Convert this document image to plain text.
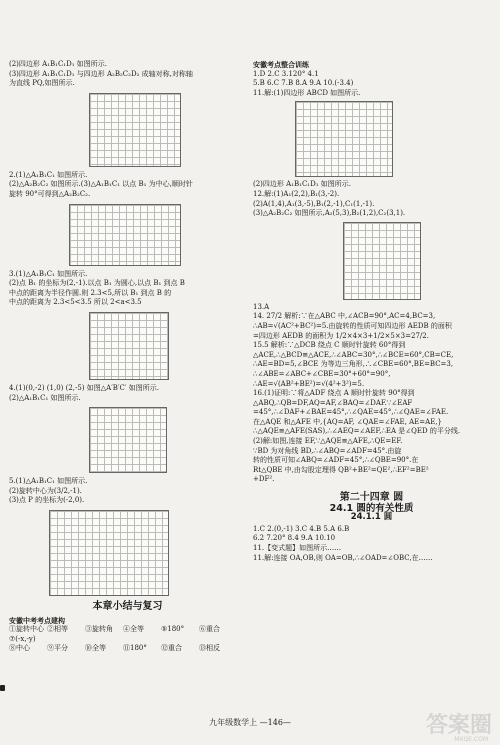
(2)四边形 A₁B₁C₁D₁ 如图所示.
(3)四边形 A₁B₁C₁D₁ 与四边形 A₂B₂C₂D₂ 成轴对称,对称轴
为直线 PQ,如图所示.
2.(1)△A₁B₁C₁ 如图所示.
(2)△A₂B₂C₂ 如图所示.(3)△A₁B₁C₁ 以点 B₁ 为中心,顺时针
旋转 90°可得到△A₂B₂C₂.
3.(1)△A₁B₁C₁ 如图所示.
(2)点 B₁ 的坐标为(2,-1).以点 B₁ 为圆心,以点 B₁ 到点 B
中点的距离为半径作圆.则 2.3<5,所以 B₁ 到点 B 的
中点的距离为 2.3<5<3.5 所以 2<a<3.5
4.(1)(0,-2) (1,0) (2,-5) 如图△A′B′C′ 如图所示.
(2)△A₁B₁C₁ 如图所示.
5.(1)△A₁B₁C₁ 如图所示.
(2)旋转中心为(3/2,-1).
(3)点 P 的坐标为(-2,0).
本章小结与复习
安徽中考考点建构
①旋转中心 ②相等	③旋转角	④全等	⑤180°	⑥重合
⑦(-x,-y)
⑧中心	⑨平分	⑩全等	⑪180°	⑫重合	⑬相反
安徽考点整合训练
1.D 2.C 3.120° 4.1
5.B 6.C 7.B 8.A 9.A 10.(-3.4)
11.解:(1)四边形 ABCD 如图所示.
(2)四边形 A₁B₁C₁D₁ 如图所示.
12.解:(1)A₁(2,2),B₁(3,-2).
(2)A(1,4),A₁(3,-5),B₁(2,-1),C₁(1,-1).
(3)△A₂B₂C₂ 如图所示,A₂(5,3),B₂(1,2),C₂(3,1).
13.A
14. 27/2 解析:∵在△ABC 中,∠ACB=90°,AC=4,BC=3,
∴AB=√(AC²+BC²)=5.由旋转的性质可知四边形 AEDB 的面积
=四边形 AEDB 的面积为 1/2×4×3+1/2×5×3=27/2.
15.5 解析:∵△DCB 绕点 C 顺时针旋转 60°得到
△ACE,∴△BCD≌△ACE,∴∠ABC=30°,∴∠BCE=60°,CB=CE,
∴AE=BD=5,∠BCE 为等边三角形,∴∠CBE=60°,BE=BC=3,
∴∠ABE=∠ABC+∠CBE=30°+60°=90°,
∴AE=√(AB²+BE²)=√(4²+3²)=5.
16.(1)证明:∵将△ADF 绕点 A 顺时针旋转 90°得到
△ABQ,∴QB=DF,AQ=AF,∠BAQ=∠DAF.∵∠EAF
=45°,∴∠DAF+∠BAE=45°,∴∠QAE=45°,∴∠QAE=∠FAE.
在△AQE 和△AFE 中,{AQ=AF, ∠QAE=∠FAE, AE=AE,}
∴△AQE≌△AFE(SAS),∴∠AEQ=∠AEF,∴EA 是∠QED 的平分线.
(2)解:如图,连接 EF,∵△AQE≌△AFE,∴QE=EF.
∵BD 为对角线 BD,∴∠ABQ=∠ADF=45°.由旋
转的性质可知∠ABQ=∠ADF=45°,∴∠QBE=90°.在
Rt△QBE 中,由勾股定理得 QB²+BE²=QE²,∴EF²=BE²
+DF².
第二十四章 圆
24.1 圆的有关性质
24.1.1 圆
1.C 2.(0,-1) 3.C 4.B 5.A 6.B
6.2 7.20° 8.4 9.A 10.10
11.【变式题】如图所示……
11.解:连接 OA,OB,则 OA=OB,∴∠OAD=∠OBC,在……
九年级数学上 —146—	答案圈
MXQE.COM
